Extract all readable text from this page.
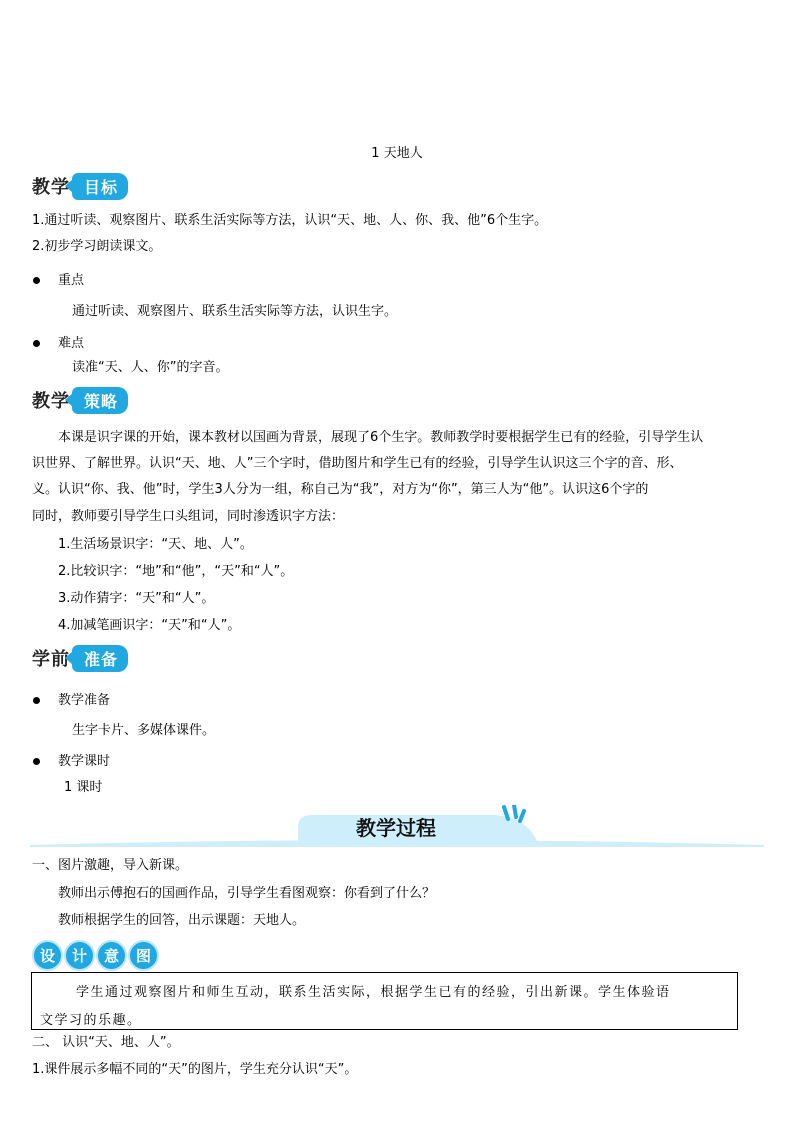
1 天地人
教学 目标
1.通过听读、观察图片、联系生活实际等方法，认识“天、地、人、你、我、他”6个生字。
2.初步学习朗读课文。
重点
通过听读、观察图片、联系生活实际等方法，认识生字。
难点
读准“天、人、你”的字音。
教学 策略
本课是识字课的开始，课本教材以国画为背景，展现了6个生字。教师教学时要根据学生已有的经验，引导学生认
识世界、了解世界。认识“天、地、人”三个字时，借助图片和学生已有的经验，引导学生认识这三个字的音、形、
义。认识“你、我、他”时，学生3人分为一组，称自己为“我”，对方为“你”，第三人为“他”。认识这6个字的
同时，教师要引导学生口头组词，同时渗透识字方法：
1.生活场景识字：“天、地、人”。
2.比较识字：“地”和“他”，“天”和“人”。
3.动作猜字：“天”和“人”。
4.加减笔画识字：“天”和“人”。
学前 准备
教学准备
生字卡片、多媒体课件。
教学课时
1 课时
教学过程
一、图片激趣，导入新课。
教师出示傅抱石的国画作品，引导学生看图观察：你看到了什么？
教师根据学生的回答，出示课题：天地人。
设	计	意	图
学生通过观察图片和师生互动，联系生活实际，根据学生已有的经验，引出新课。学生体验语
文学习的乐趣。
二、 认识“天、地、人”。
1.课件展示多幅不同的“天”的图片，学生充分认识“天”。
